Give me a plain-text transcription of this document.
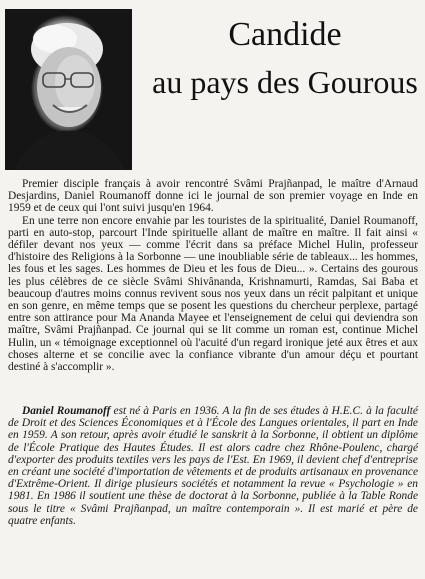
Candide
au pays des Gourous

Premier disciple français à avoir rencontré Svâmi Prajñanpad, le maître d'Arnaud Desjardins, Daniel Roumanoff donne ici le journal de son premier voyage en Inde en 1959 et de ceux qui l'ont suivi jusqu'en 1964.

En une terre non encore envahie par les touristes de la spiritualité, Daniel Roumanoff, parti en auto-stop, parcourt l'Inde spirituelle allant de maître en maître. Il fait ainsi « défiler devant nos yeux — comme l'écrit dans sa préface Michel Hulin, professeur d'histoire des Religions à la Sorbonne — une inoubliable série de tableaux... les hommes, les fous et les sages. Les hommes de Dieu et les fous de Dieu... ». Certains des gourous les plus célèbres de ce siècle Svâmi Shivânanda, Krishnamurti, Ramdas, Sai Baba et beaucoup d'autres moins connus revivent sous nos yeux dans un récit palpitant et unique en son genre, en même temps que se posent les questions du chercheur perplexe, partagé entre son attirance pour Ma Ananda Mayee et l'enseignement de celui qui deviendra son maître, Svâmi Prajñanpad. Ce journal qui se lit comme un roman est, continue Michel Hulin, un « témoignage exceptionnel où l'acuité d'un regard ironique jeté aux êtres et aux choses alterne et se concilie avec la confiance vibrante d'un amour déçu et pourtant destiné à s'accomplir ».

Daniel Roumanoff est né à Paris en 1936. A la fin de ses études à H.E.C. à la faculté de Droit et des Sciences Économiques et à l'École des Langues orientales, il part en Inde en 1959. A son retour, après avoir étudié le sanskrit à la Sorbonne, il obtient un diplôme de l'École Pratique des Hautes Études. Il est alors cadre chez Rhône-Poulenc, chargé d'exporter des produits textiles vers les pays de l'Est. En 1969, il devient chef d'entreprise en créant une société d'importation de vêtements et de produits artisanaux en provenance d'Extrême-Orient. Il dirige plusieurs sociétés et notamment la revue « Psychologie » en 1981. En 1986 il soutient une thèse de doctorat à la Sorbonne, publiée à la Table Ronde sous le titre « Svâmi Prajñanpad, un maître contemporain ». Il est marié et père de quatre enfants.
